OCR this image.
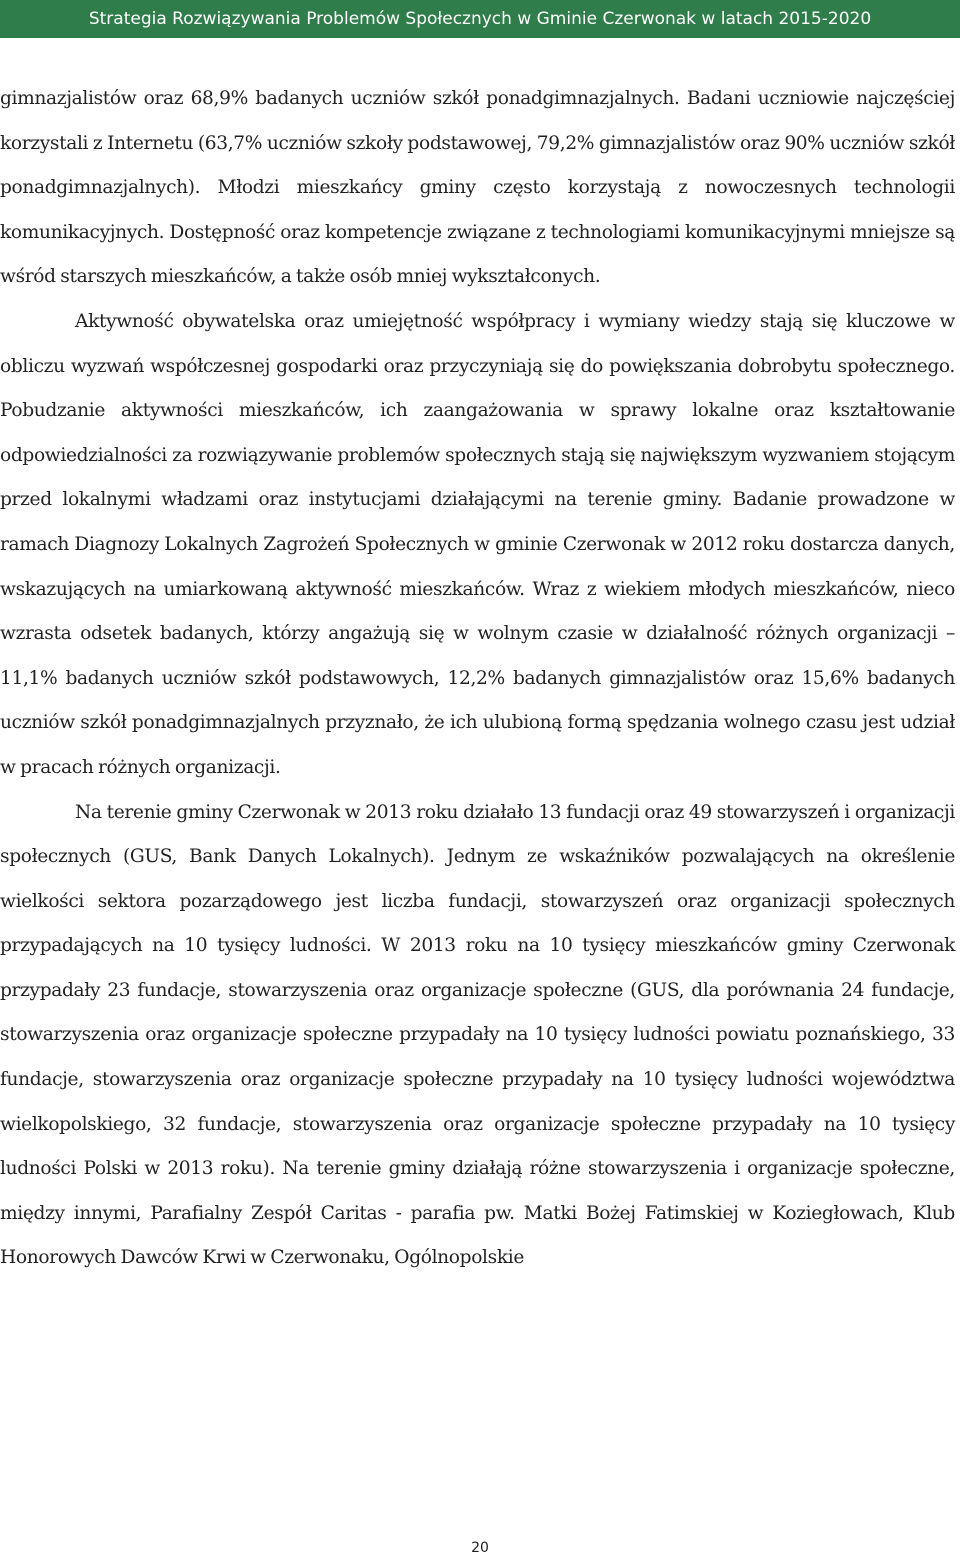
Strategia Rozwiązywania Problemów Społecznych w Gminie Czerwonak w latach 2015-2020

gimnazjalistów oraz 68,9% badanych uczniów szkół ponadgimnazjalnych. Badani uczniowie najczęściej korzystali z Internetu (63,7% uczniów szkoły podstawowej, 79,2% gimnazjalistów oraz 90% uczniów szkół ponadgimnazjalnych). Młodzi mieszkańcy gminy często korzystają z nowoczesnych technologii komunikacyjnych. Dostępność oraz kompetencje związane z technologiami komunikacyjnymi mniejsze są wśród starszych mieszkańców, a także osób mniej wykształconych.

Aktywność obywatelska oraz umiejętność współpracy i wymiany wiedzy stają się kluczowe w obliczu wyzwań współczesnej gospodarki oraz przyczyniają się do powiększania dobrobytu społecznego. Pobudzanie aktywności mieszkańców, ich zaangażowania w sprawy lokalne oraz kształtowanie odpowiedzialności za rozwiązywanie problemów społecznych stają się największym wyzwaniem stojącym przed lokalnymi władzami oraz instytucjami działającymi na terenie gminy. Badanie prowadzone w ramach Diagnozy Lokalnych Zagrożeń Społecznych w gminie Czerwonak w 2012 roku dostarcza danych, wskazujących na umiarkowaną aktywność mieszkańców. Wraz z wiekiem młodych mieszkańców, nieco wzrasta odsetek badanych, którzy angażują się w wolnym czasie w działalność różnych organizacji – 11,1% badanych uczniów szkół podstawowych, 12,2% badanych gimnazjalistów oraz 15,6% badanych uczniów szkół ponadgimnazjalnych przyznało, że ich ulubioną formą spędzania wolnego czasu jest udział w pracach różnych organizacji.

Na terenie gminy Czerwonak w 2013 roku działało 13 fundacji oraz 49 stowarzyszeń i organizacji społecznych (GUS, Bank Danych Lokalnych). Jednym ze wskaźników pozwalających na określenie wielkości sektora pozarządowego jest liczba fundacji, stowarzyszeń oraz organizacji społecznych przypadających na 10 tysięcy ludności. W 2013 roku na 10 tysięcy mieszkańców gminy Czerwonak przypadały 23 fundacje, stowarzyszenia oraz organizacje społeczne (GUS, dla porównania 24 fundacje, stowarzyszenia oraz organizacje społeczne przypadały na 10 tysięcy ludności powiatu poznańskiego, 33 fundacje, stowarzyszenia oraz organizacje społeczne przypadały na 10 tysięcy ludności województwa wielkopolskiego, 32 fundacje, stowarzyszenia oraz organizacje społeczne przypadały na 10 tysięcy ludności Polski w 2013 roku). Na terenie gminy działają różne stowarzyszenia i organizacje społeczne, między innymi, Parafialny Zespół Caritas - parafia pw. Matki Bożej Fatimskiej w Koziegłowach, Klub Honorowych Dawców Krwi w Czerwonaku, Ogólnopolskie

20
